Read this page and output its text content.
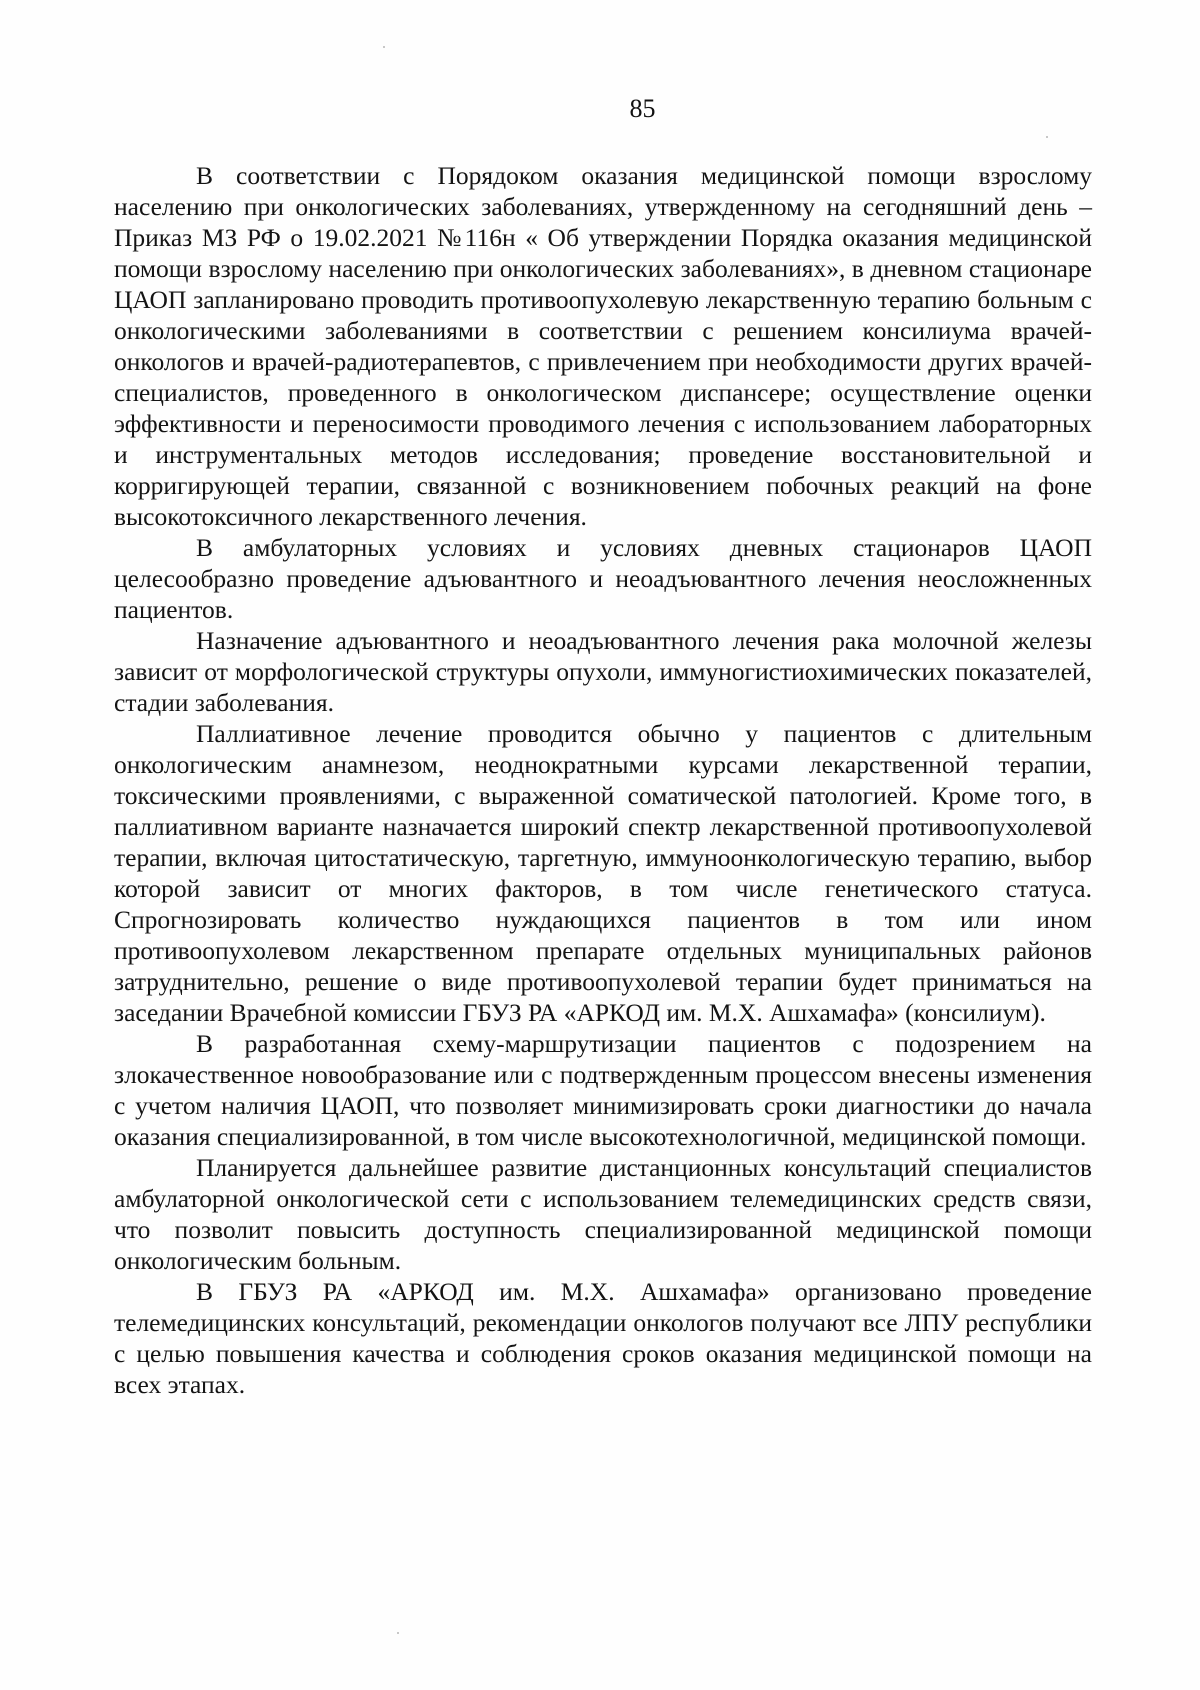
85

В соответствии с Порядоком оказания медицинской помощи взрослому населению при онкологических заболеваниях, утвержденному на сегодняшний день – Приказ МЗ РФ о 19.02.2021 №116н « Об утверждении Порядка оказания медицинской помощи взрослому населению при онкологических заболеваниях», в дневном стационаре ЦАОП запланировано проводить противоопухолевую лекарственную терапию больным с онкологическими заболеваниями в соответствии с решением консилиума врачей-онкологов и врачей-радиотерапевтов, с привлечением при необходимости других врачей-специалистов, проведенного в онкологическом диспансере; осуществление оценки эффективности и переносимости проводимого лечения с использованием лабораторных и инструментальных методов исследования; проведение восстановительной и корригирующей терапии, связанной с возникновением побочных реакций на фоне высокотоксичного лекарственного лечения.

В амбулаторных условиях и условиях дневных стационаров ЦАОП целесообразно проведение адъювантного и неоадъювантного лечения неосложненных пациентов.

Назначение адъювантного и неоадъювантного лечения рака молочной железы зависит от морфологической структуры опухоли, иммуногистиохимических показателей, стадии заболевания.

Паллиативное лечение проводится обычно у пациентов с длительным онкологическим анамнезом, неоднократными курсами лекарственной терапии, токсическими проявлениями, с выраженной соматической патологией. Кроме того, в паллиативном варианте назначается широкий спектр лекарственной противоопухолевой терапии, включая цитостатическую, таргетную, иммуноонкологическую терапию, выбор которой зависит от многих факторов, в том числе генетического статуса. Спрогнозировать количество нуждающихся пациентов в том или ином противоопухолевом лекарственном препарате отдельных муниципальных районов затруднительно, решение о виде противоопухолевой терапии будет приниматься на заседании Врачебной комиссии ГБУЗ РА «АРКОД им. М.Х. Ашхамафа» (консилиум).

В разработанная схему-маршрутизации пациентов с подозрением на злокачественное новообразование или с подтвержденным процессом внесены изменения с учетом наличия ЦАОП, что позволяет минимизировать сроки диагностики до начала оказания специализированной, в том числе высокотехнологичной, медицинской помощи.

Планируется дальнейшее развитие дистанционных консультаций специалистов амбулаторной онкологической сети с использованием телемедицинских средств связи, что позволит повысить доступность специализированной медицинской помощи онкологическим больным.

В ГБУЗ РА «АРКОД им. М.Х. Ашхамафа» организовано проведение телемедицинских консультаций, рекомендации онкологов получают все ЛПУ республики с целью повышения качества и соблюдения сроков оказания медицинской помощи на всех этапах.
